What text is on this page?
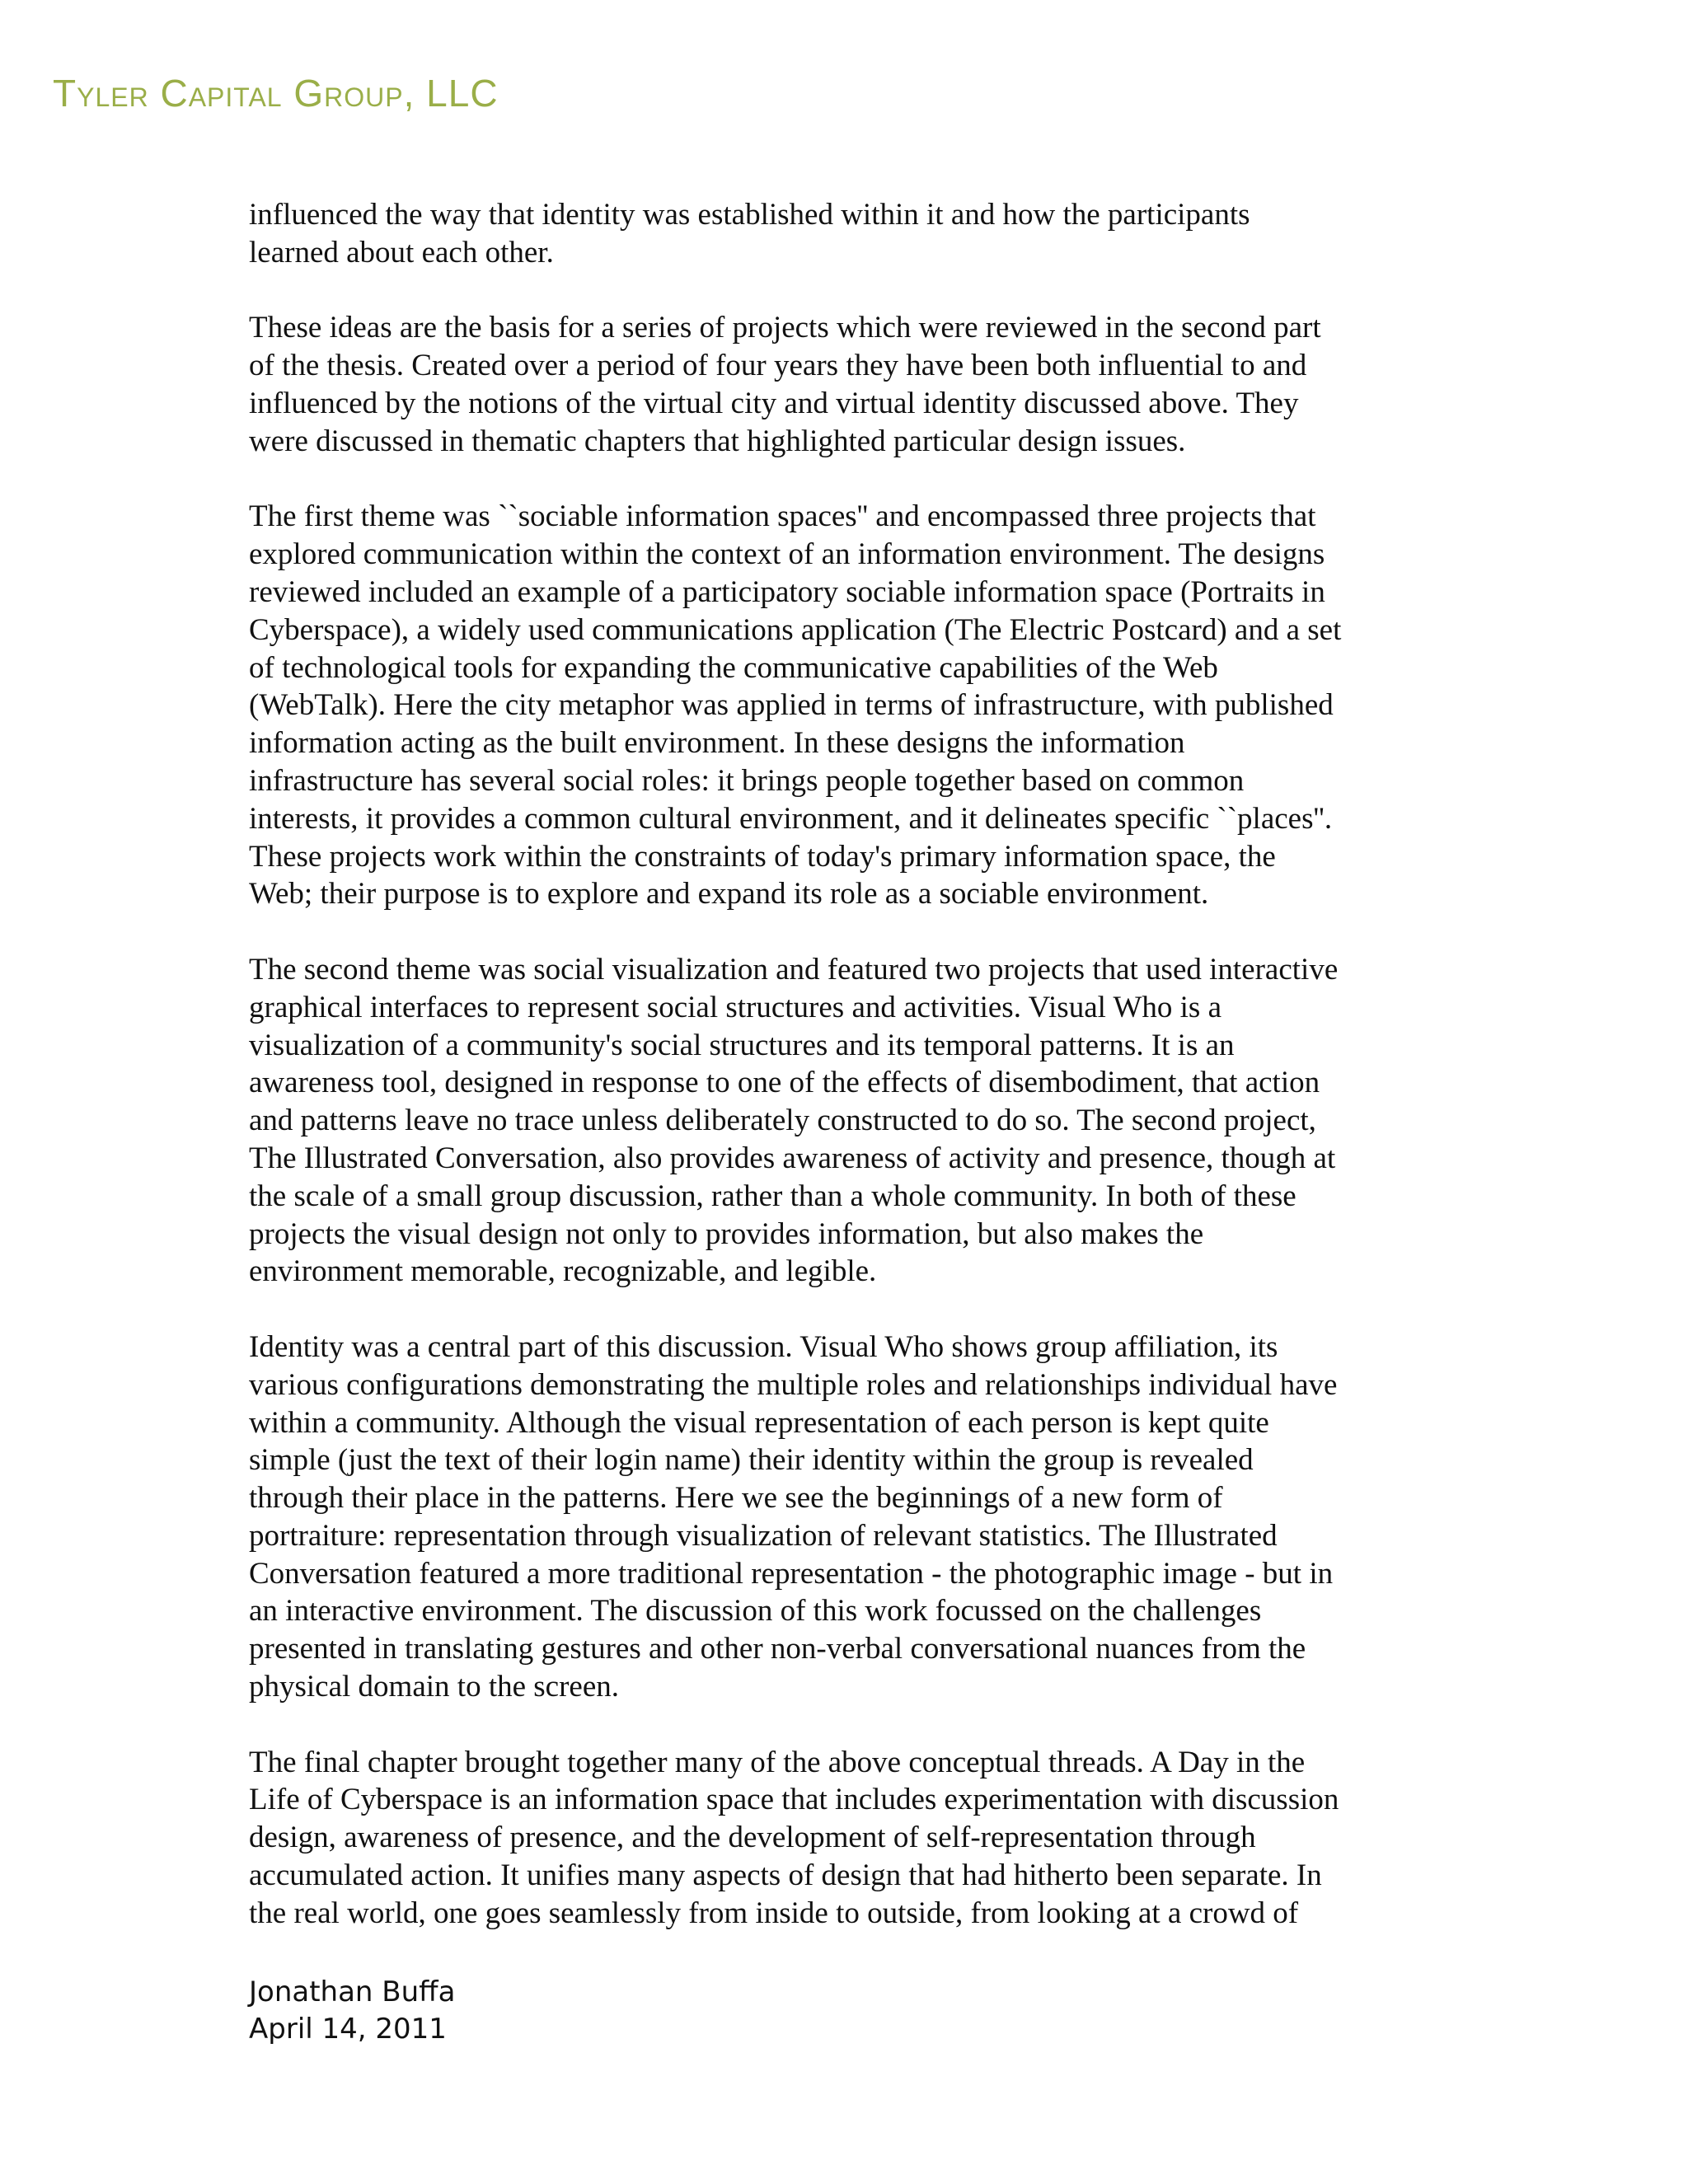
Tyler Capital Group, LLC
influenced the way that identity was established within it and how the participants
learned about each other.
These ideas are the basis for a series of projects which were reviewed in the second part
of the thesis. Created over a period of four years they have been both influential to and
influenced by the notions of the virtual city and virtual identity discussed above. They
were discussed in thematic chapters that highlighted particular design issues.
The first theme was ``sociable information spaces'' and encompassed three projects that
explored communication within the context of an information environment. The designs
reviewed included an example of a participatory sociable information space (Portraits in
Cyberspace), a widely used communications application (The Electric Postcard) and a set
of technological tools for expanding the communicative capabilities of the Web
(WebTalk). Here the city metaphor was applied in terms of infrastructure, with published
information acting as the built environment. In these designs the information
infrastructure has several social roles: it brings people together based on common
interests, it provides a common cultural environment, and it delineates specific ``places''.
These projects work within the constraints of today's primary information space, the
Web; their purpose is to explore and expand its role as a sociable environment.
The second theme was social visualization and featured two projects that used interactive
graphical interfaces to represent social structures and activities. Visual Who is a
visualization of a community's social structures and its temporal patterns. It is an
awareness tool, designed in response to one of the effects of disembodiment, that action
and patterns leave no trace unless deliberately constructed to do so. The second project,
The Illustrated Conversation, also provides awareness of activity and presence, though at
the scale of a small group discussion, rather than a whole community. In both of these
projects the visual design not only to provides information, but also makes the
environment memorable, recognizable, and legible.
Identity was a central part of this discussion. Visual Who shows group affiliation, its
various configurations demonstrating the multiple roles and relationships individual have
within a community. Although the visual representation of each person is kept quite
simple (just the text of their login name) their identity within the group is revealed
through their place in the patterns. Here we see the beginnings of a new form of
portraiture: representation through visualization of relevant statistics. The Illustrated
Conversation featured a more traditional representation - the photographic image - but in
an interactive environment. The discussion of this work focussed on the challenges
presented in translating gestures and other non-verbal conversational nuances from the
physical domain to the screen.
The final chapter brought together many of the above conceptual threads. A Day in the
Life of Cyberspace is an information space that includes experimentation with discussion
design, awareness of presence, and the development of self-representation through
accumulated action. It unifies many aspects of design that had hitherto been separate. In
the real world, one goes seamlessly from inside to outside, from looking at a crowd of
Jonathan Buffa
April 14, 2011
